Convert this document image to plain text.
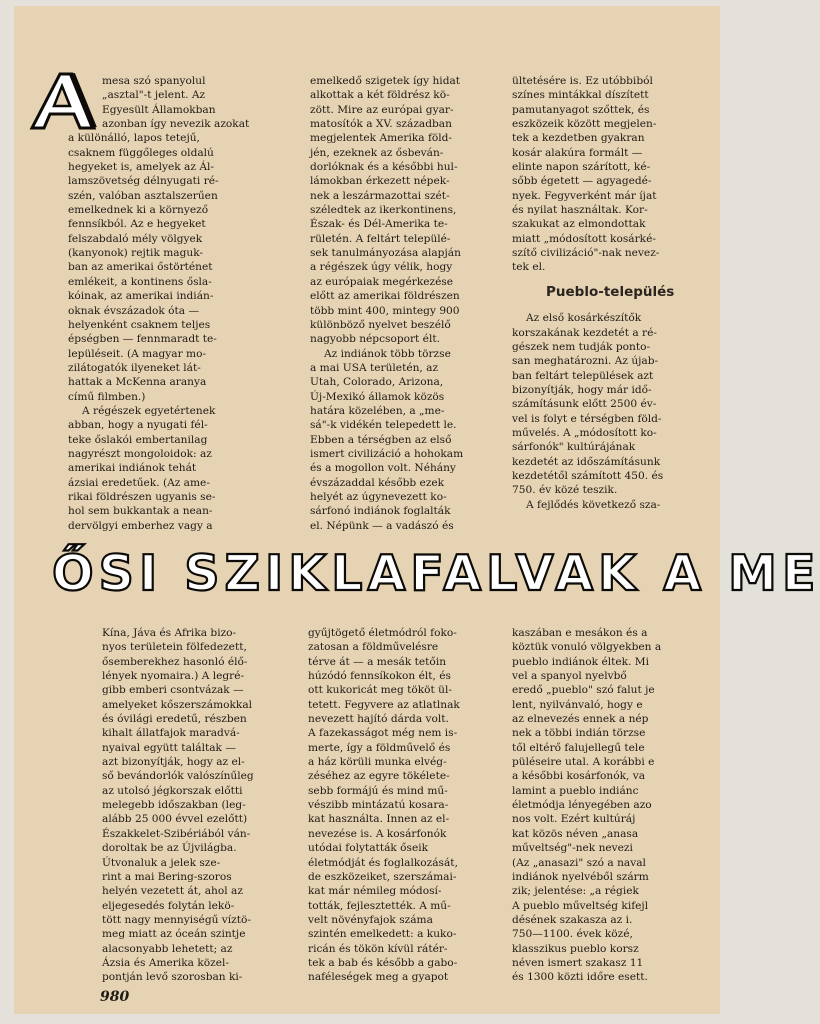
mesa szó spanyolul
„asztal"-t jelent. Az
Egyesült Államokban
azonban így nevezik azokat
a különálló, lapos tetejű,
csaknem függőleges oldalú
hegyeket is, amelyek az Ál-
lamszövetség délnyugati ré-
szén, valóban asztalszerűen
emelkednek ki a környező
fennsíkból. Az e hegyeket
felszabdaló mély völgyek
(kanyonok) rejtik maguk-
ban az amerikai őstörténet
emlékeit, a kontinens ősla-
kóinak, az amerikai indián-
oknak évszázadok óta —
helyenként csaknem teljes
épségben — fennmaradt te-
lepüléseit. (A magyar mo-
zilátogatók ilyeneket lát-
hattak a McKenna aranya
című filmben.)

A régészek egyetértenek
abban, hogy a nyugati fél-
teke őslakói embertanilag
nagyrészt mongoloidok: az
amerikai indiánok tehát
ázsiai eredetűek. (Az ame-
rikai földrészen ugyanis se-
hol sem bukkantak a nean-
dervölgyi emberhez vagy a

emelkedő szigetek így hidat
alkottak a két földrész kö-
zött. Mire az európai gyar-
matosítók a XV. században
megjelentek Amerika föld-
jén, ezeknek az ősbeván-
dorlóknak és a későbbi hul-
lámokban érkezett népek-
nek a leszármazottai szét-
széledtek az ikerkontinens,
Észak- és Dél-Amerika te-
rületén. A feltárt települé-
sek tanulmányozása alapján
a régészek úgy vélik, hogy
az európaiak megérkezése
előtt az amerikai földrészen
több mint 400, mintegy 900
különböző nyelvet beszélő
nagyobb népcsoport élt.

Az indiánok több törzse
a mai USA területén, az
Utah, Colorado, Arizona,
Új-Mexikó államok közös
határa közelében, a „me-
sá"-k vidékén telepedett le.
Ebben a térségben az első
ismert civilizáció a hohokam
és a mogollon volt. Néhány
évszázaddal később ezek
helyét az úgynevezett ko-
sárfonó indiánok foglalták
el. Népünk — a vadászó és

ültetésére is. Ez utóbbiból
színes mintákkal díszített
pamutanyagot szőttek, és
eszközeik között megjelen-
tek a kezdetben gyakran
kosár alakúra formált —
elinte napon szárított, ké-
sőbb égetett — agyagedé-
nyek. Fegyverként már íjat
és nyilat használtak. Kor-
szakukat az elmondottak
miatt „módosított kosárké-
szítő civilizáció"-nak nevez-
tek el.

Pueblo-település

Az első kosárkészítők
korszakának kezdetét a ré-
gészek nem tudják ponto-
san meghatározni. Az újab-
ban feltárt települések azt
bizonyítják, hogy már idő-
számításunk előtt 2500 év-
vel is folyt e térségben föld-
művelés. A „módosított ko-
sárfonók" kultúrájának
kezdetét az időszámításunk
kezdetétől számított 450. és
750. év közé teszik.

A fejlődés következő sza-

ŐSI SZIKLAFALVAK A ME

Kína, Jáva és Afrika bizo-
nyos területein fölfedezett,
ősemberekhez hasonló élő-
lények nyomaira.) A legré-
gibb emberi csontvázak —
amelyeket kőszerszámokkal
és óvilági eredetű, részben
kihalt állatfajok maradvá-
nyaival együtt találtak —
azt bizonyítják, hogy az el-
ső bevándorlók valószínűleg
az utolsó jégkorszak előtti
melegebb időszakban (leg-
alább 25 000 évvel ezelőtt)
Északkelet-Szibériából ván-
doroltak be az Újvilágba.
Útvonaluk a jelek sze-
rint a mai Bering-szoros
helyén vezetett át, ahol az
eljegesedés folytán lekö-
tött nagy mennyiségű víztö-
meg miatt az óceán szintje
alacsonyabb lehetett; az
Ázsia és Amerika közel-
pontján levő szorosban ki-

gyűjtögető életmódról foko-
zatosan a földművelésre
térve át — a mesák tetőin
húzódó fennsíkokon élt, és
ott kukoricát meg tököt ül-
tetett. Fegyvere az atlatlnak
nevezett hajító dárda volt.
A fazekasságot még nem is-
merte, így a földművelő és
a ház körüli munka elvég-
zéséhez az egyre tökélete-
sebb formájú és mind mű-
vészibb mintázatú kosara-
kat használta. Innen az el-
nevezése is. A kosárfonók
utódai folytatták őseik
életmódját és foglalkozását,
de eszközeiket, szerszámai-
kat már némileg módosí-
tották, fejlesztették. A mű-
velt növényfajok száma
szintén emelkedett: a kuko-
ricán és tökön kívül rátér-
tek a bab és később a gabo-
naféleségek meg a gyapot

kaszában e mesákon és a
köztük vonuló völgyekben a
pueblo indiánok éltek. Mi
vel a spanyol nyelvbő
eredő „pueblo" szó falut je
lent, nyilvánvaló, hogy e
az elnevezés ennek a nép
nek a többi indián törzse
től eltérő falujellegű tele
püléseire utal. A korábbi e
a későbbi kosárfonók, va
lamint a pueblo indiánc
életmódja lényegében azo
nos volt. Ezért kultúráj
kat közös néven „anasa
műveltség"-nek nevezi
(Az „anasazi" szó a naval
indiánok nyelvéből szárm
zik; jelentése: „a régiek
A pueblo műveltség kifejl
désének szakasza az i.
750—1100. évek közé,
klasszikus pueblo korsz
néven ismert szakasz 11
és 1300 közti időre esett.

980
